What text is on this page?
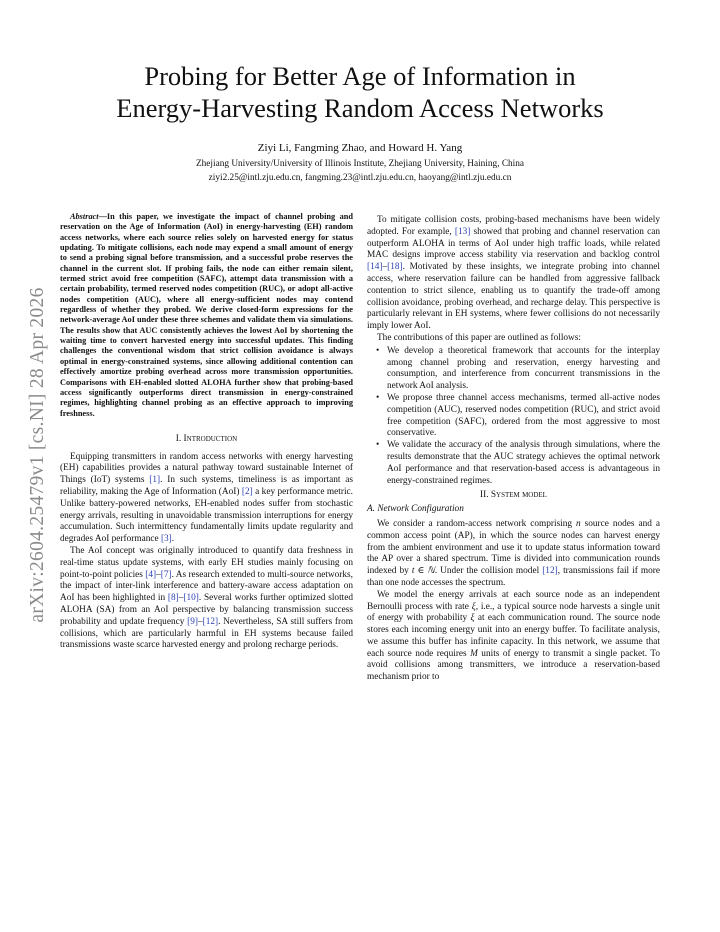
arXiv:2604.25479v1 [cs.NI] 28 Apr 2026
Probing for Better Age of Information in
Energy-Harvesting Random Access Networks
Ziyi Li, Fangming Zhao, and Howard H. Yang
Zhejiang University/University of Illinois Institute, Zhejiang University, Haining, China
ziyi2.25@intl.zju.edu.cn, fangming.23@intl.zju.edu.cn, haoyang@intl.zju.edu.cn

Abstract—In this paper, we investigate the impact of channel probing and reservation on the Age of Information (AoI) in energy-harvesting (EH) random access networks, where each source relies solely on harvested energy for status updating. To mitigate collisions, each node may expend a small amount of energy to send a probing signal before transmission, and a successful probe reserves the channel in the current slot. If probing fails, the node can either remain silent, termed strict avoid free competition (SAFC), attempt data transmission with a certain probability, termed reserved nodes competition (RUC), or adopt all-active nodes competition (AUC), where all energy-sufficient nodes may contend regardless of whether they probed. We derive closed-form expressions for the network-average AoI under these three schemes and validate them via simulations. The results show that AUC consistently achieves the lowest AoI by shortening the waiting time to convert harvested energy into successful updates. This finding challenges the conventional wisdom that strict collision avoidance is always optimal in energy-constrained systems, since allowing additional contention can effectively amortize probing overhead across more transmission opportunities. Comparisons with EH-enabled slotted ALOHA further show that probing-based access significantly outperforms direct transmission in energy-constrained regimes, highlighting channel probing as an effective approach to improving freshness.

I. Introduction

Equipping transmitters in random access networks with energy harvesting (EH) capabilities provides a natural pathway toward sustainable Internet of Things (IoT) systems [1]. In such systems, timeliness is as important as reliability, making the Age of Information (AoI) [2] a key performance metric. Unlike battery-powered networks, EH-enabled nodes suffer from stochastic energy arrivals, resulting in unavoidable transmission interruptions for energy accumulation. Such intermittency fundamentally limits update regularity and degrades AoI performance [3].

The AoI concept was originally introduced to quantify data freshness in real-time status update systems, with early EH studies mainly focusing on point-to-point policies [4]–[7]. As research extended to multi-source networks, the impact of inter-link interference and battery-aware access adaptation on AoI has been highlighted in [8]–[10]. Several works further optimized slotted ALOHA (SA) from an AoI perspective by balancing transmission success probability and update frequency [9]–[12]. Nevertheless, SA still suffers from collisions, which are particularly harmful in EH systems because failed transmissions waste scarce harvested energy and prolong recharge periods.

To mitigate collision costs, probing-based mechanisms have been widely adopted. For example, [13] showed that probing and channel reservation can outperform ALOHA in terms of AoI under high traffic loads, while related MAC designs improve access stability via reservation and backlog control [14]–[18]. Motivated by these insights, we integrate probing into channel access, where reservation failure can be handled from aggressive fallback contention to strict silence, enabling us to quantify the trade-off among collision avoidance, probing overhead, and recharge delay. This perspective is particularly relevant in EH systems, where fewer collisions do not necessarily imply lower AoI.

The contributions of this paper are outlined as follows:

• We develop a theoretical framework that accounts for the interplay among channel probing and reservation, energy harvesting and consumption, and interference from concurrent transmissions in the network AoI analysis.
• We propose three channel access mechanisms, termed all-active nodes competition (AUC), reserved nodes competition (RUC), and strict avoid free competition (SAFC), ordered from the most aggressive to most conservative.
• We validate the accuracy of the analysis through simulations, where the results demonstrate that the AUC strategy achieves the optimal network AoI performance and that reservation-based access is advantageous in energy-constrained regimes.
II. System model
A. Network Configuration

We consider a random-access network comprising n source nodes and a common access point (AP), in which the source nodes can harvest energy from the ambient environment and use it to update status information toward the AP over a shared spectrum. Time is divided into communication rounds indexed by t ∈ ℕ. Under the collision model [12], transmissions fail if more than one node accesses the spectrum.

We model the energy arrivals at each source node as an independent Bernoulli process with rate ξ, i.e., a typical source node harvests a single unit of energy with probability ξ at each communication round. The source node stores each incoming energy unit into an energy buffer. To facilitate analysis, we assume this buffer has infinite capacity. In this network, we assume that each source node requires M units of energy to transmit a single packet. To avoid collisions among transmitters, we introduce a reservation-based mechanism prior to
